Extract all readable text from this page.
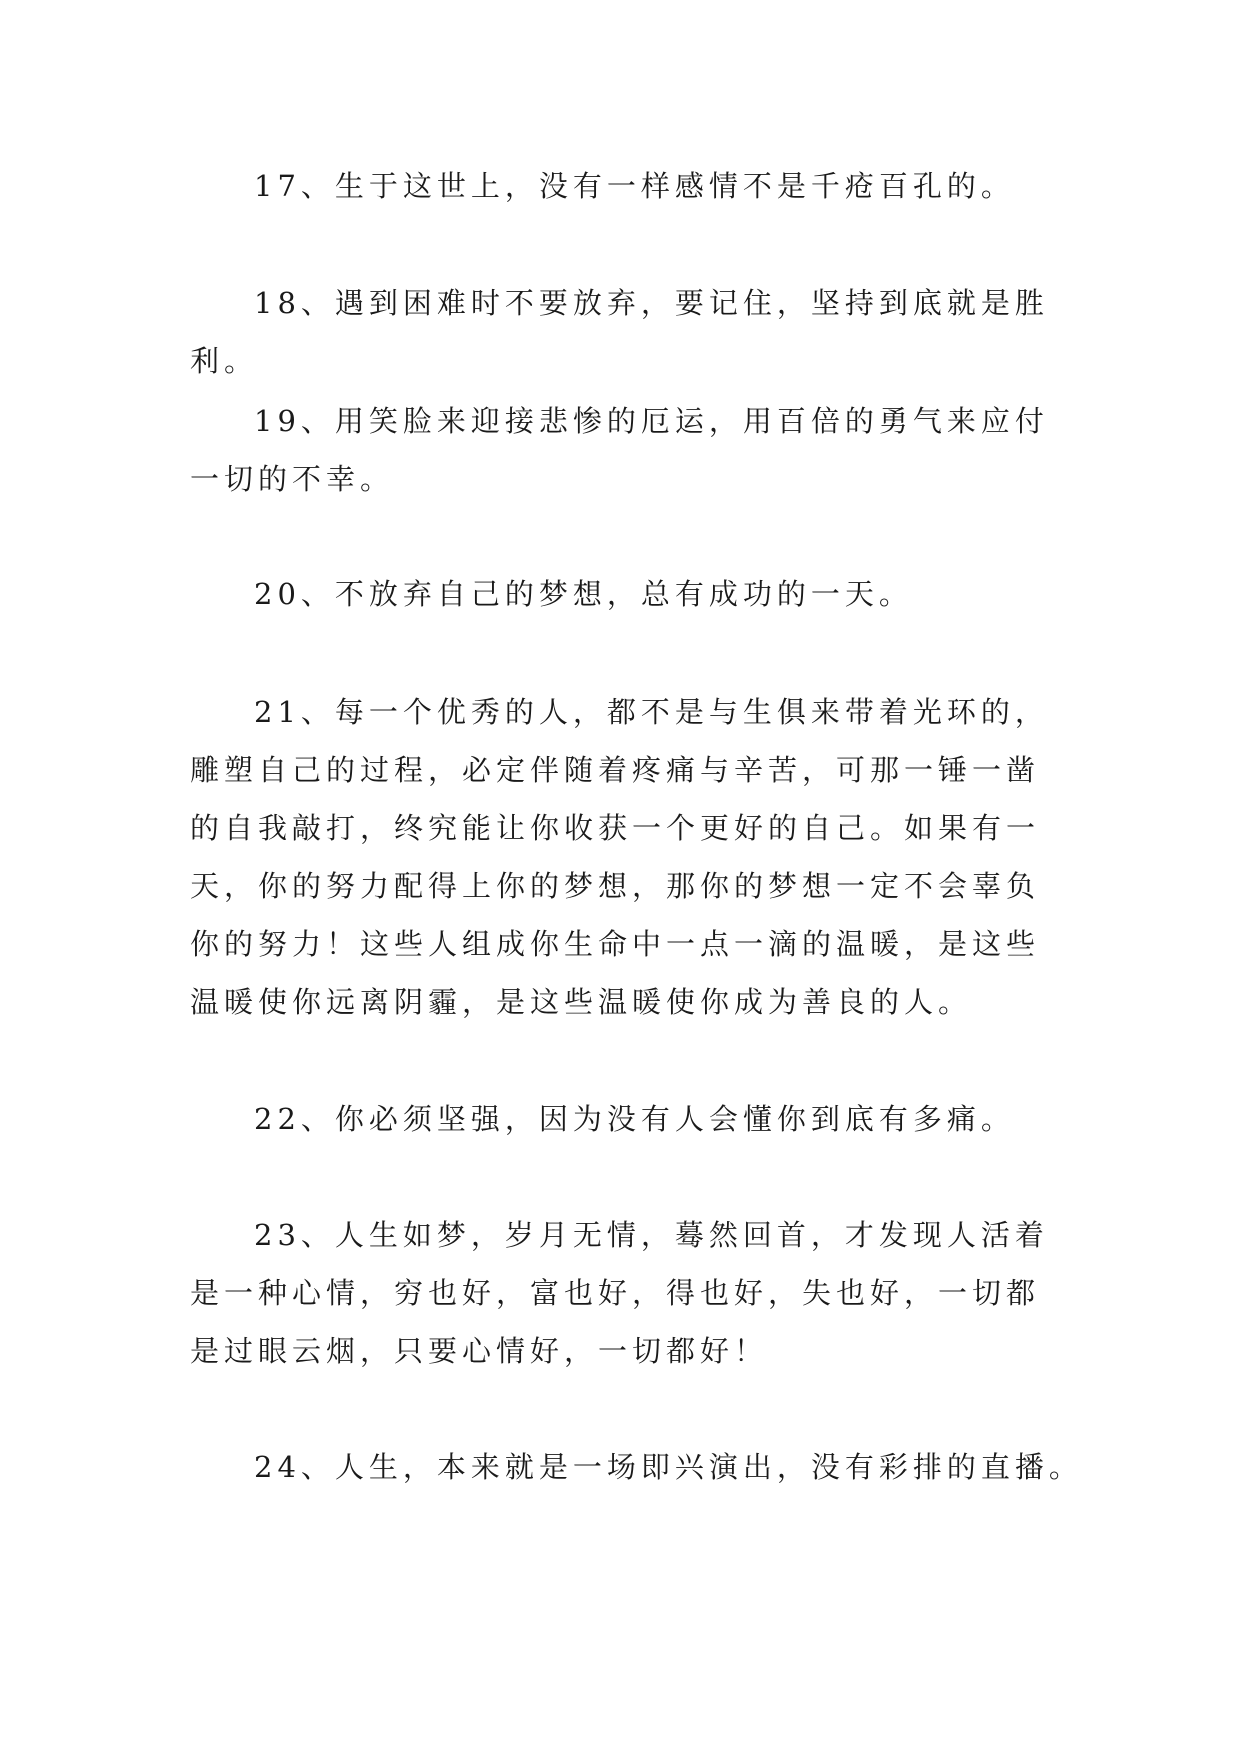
17、生于这世上，没有一样感情不是千疮百孔的。

18、遇到困难时不要放弃，要记住，坚持到底就是胜利。

19、用笑脸来迎接悲惨的厄运，用百倍的勇气来应付一切的不幸。

20、不放弃自己的梦想，总有成功的一天。

21、每一个优秀的人，都不是与生俱来带着光环的，雕塑自己的过程，必定伴随着疼痛与辛苦，可那一锤一凿的自我敲打，终究能让你收获一个更好的自己。如果有一天，你的努力配得上你的梦想，那你的梦想一定不会辜负你的努力！这些人组成你生命中一点一滴的温暖，是这些温暖使你远离阴霾，是这些温暖使你成为善良的人。

22、你必须坚强，因为没有人会懂你到底有多痛。

23、人生如梦，岁月无情，蓦然回首，才发现人活着是一种心情，穷也好，富也好，得也好，失也好，一切都是过眼云烟，只要心情好，一切都好！

24、人生，本来就是一场即兴演出，没有彩排的直播。
